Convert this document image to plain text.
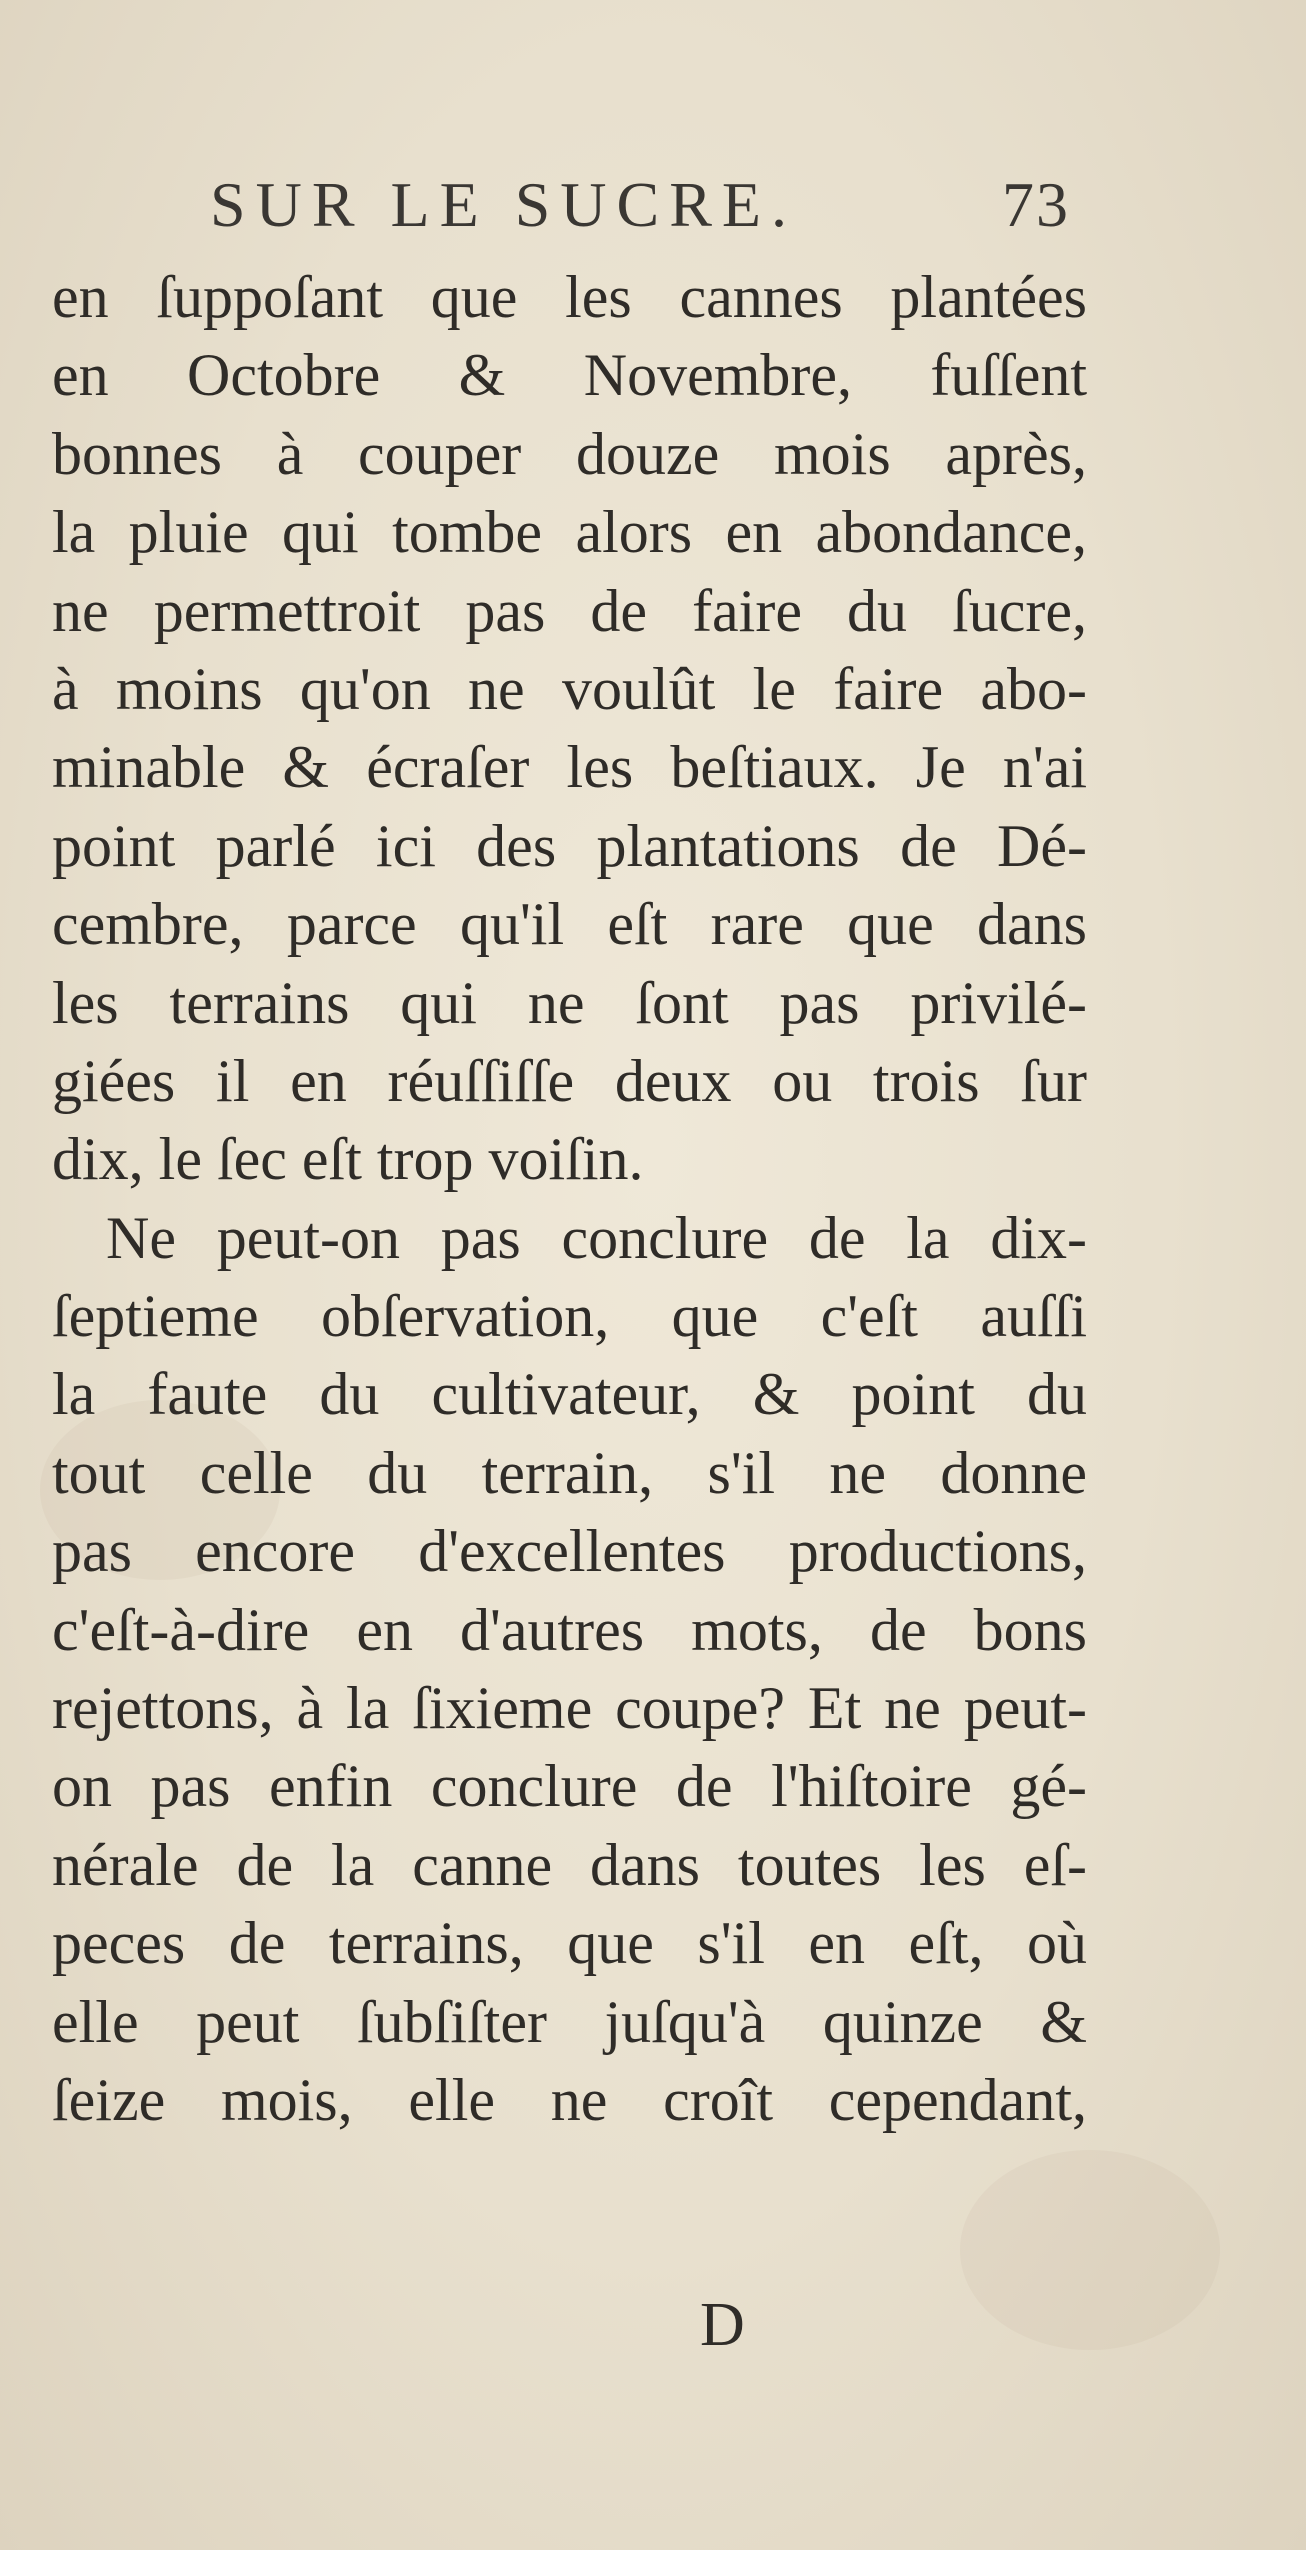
SUR LE SUCRE.	73
en ſuppoſant que les cannes plantées
en Octobre & Novembre, fuſſent
bonnes à couper douze mois après,
la pluie qui tombe alors en abondance,
ne permettroit pas de faire du ſucre,
à moins qu'on ne voulût le faire abo-
minable & écraſer les beſtiaux. Je n'ai
point parlé ici des plantations de Dé-
cembre, parce qu'il eſt rare que dans
les terrains qui ne ſont pas privilé-
giées il en réuſſiſſe deux ou trois ſur
dix, le ſec eſt trop voiſin.
Ne peut-on pas conclure de la dix-
ſeptieme obſervation, que c'eſt auſſi
la faute du cultivateur, & point du
tout celle du terrain, s'il ne donne
pas encore d'excellentes productions,
c'eſt-à-dire en d'autres mots, de bons
rejettons, à la ſixieme coupe? Et ne peut-
on pas enfin conclure de l'hiſtoire gé-
nérale de la canne dans toutes les eſ-
peces de terrains, que s'il en eſt, où
elle peut ſubſiſter juſqu'à quinze &
ſeize mois, elle ne croît cependant,
D
